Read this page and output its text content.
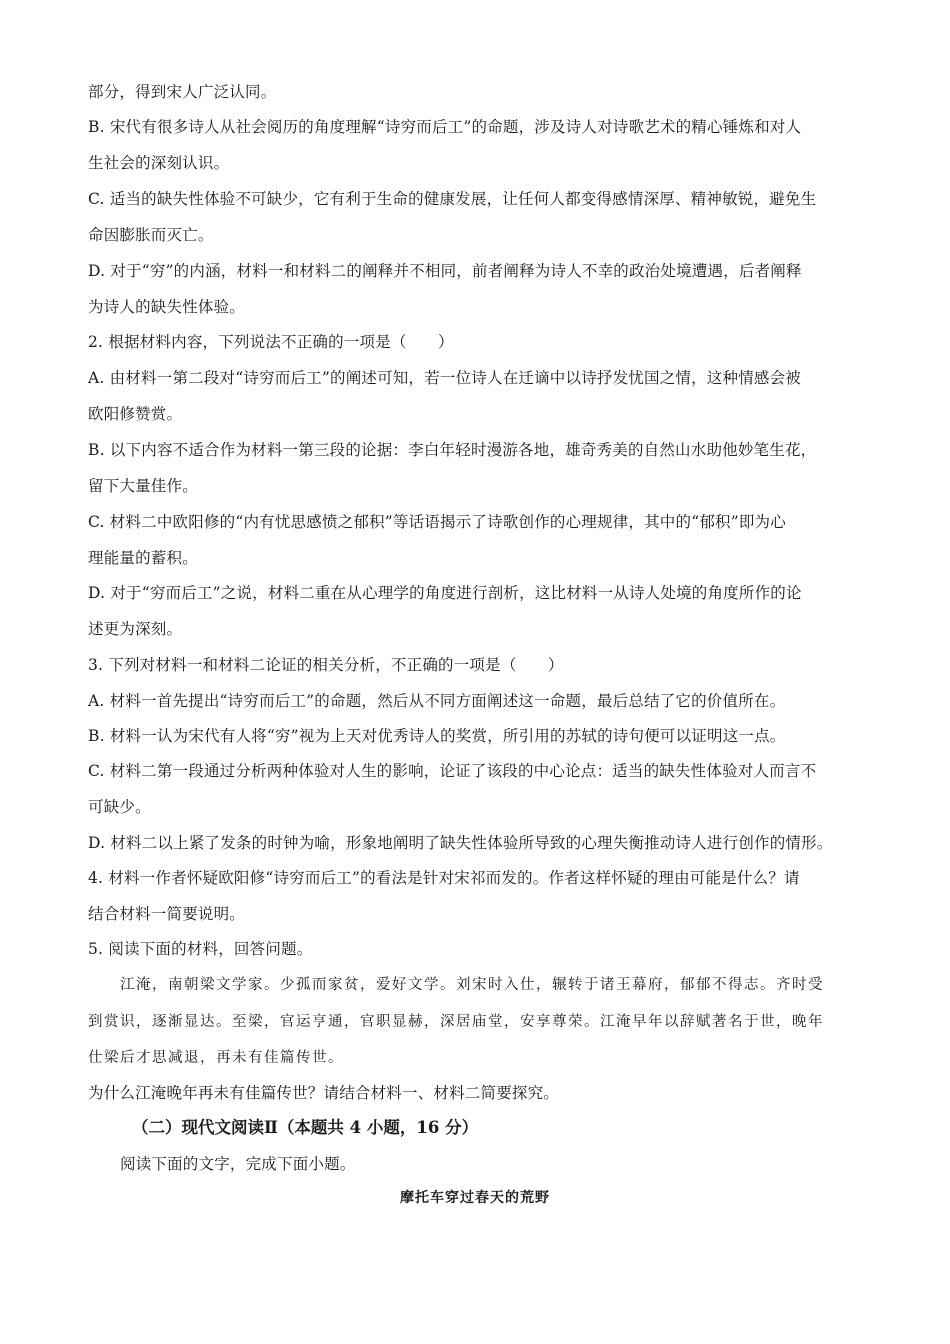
部分，得到宋人广泛认同。
B. 宋代有很多诗人从社会阅历的角度理解“诗穷而后工”的命题，涉及诗人对诗歌艺术的精心锤炼和对人
生社会的深刻认识。
C. 适当的缺失性体验不可缺少，它有利于生命的健康发展，让任何人都变得感情深厚、精神敏锐，避免生
命因膨胀而灭亡。
D. 对于“穷”的内涵，材料一和材料二的阐释并不相同，前者阐释为诗人不幸的政治处境遭遇，后者阐释
为诗人的缺失性体验。
2. 根据材料内容，下列说法不正确的一项是（　　）
A. 由材料一第二段对“诗穷而后工”的阐述可知，若一位诗人在迁谪中以诗抒发忧国之情，这种情感会被
欧阳修赞赏。
B. 以下内容不适合作为材料一第三段的论据：李白年轻时漫游各地，雄奇秀美的自然山水助他妙笔生花，
留下大量佳作。
C. 材料二中欧阳修的“内有忧思感愤之郁积”等话语揭示了诗歌创作的心理规律，其中的“郁积”即为心
理能量的蓄积。
D. 对于“穷而后工”之说，材料二重在从心理学的角度进行剖析，这比材料一从诗人处境的角度所作的论
述更为深刻。
3. 下列对材料一和材料二论证的相关分析，不正确的一项是（　　）
A. 材料一首先提出“诗穷而后工”的命题，然后从不同方面阐述这一命题，最后总结了它的价值所在。
B. 材料一认为宋代有人将“穷”视为上天对优秀诗人的奖赏，所引用的苏轼的诗句便可以证明这一点。
C. 材料二第一段通过分析两种体验对人生的影响，论证了该段的中心论点：适当的缺失性体验对人而言不
可缺少。
D. 材料二以上紧了发条的时钟为喻，形象地阐明了缺失性体验所导致的心理失衡推动诗人进行创作的情形。
4. 材料一作者怀疑欧阳修“诗穷而后工”的看法是针对宋祁而发的。作者这样怀疑的理由可能是什么？请
结合材料一简要说明。
5. 阅读下面的材料，回答问题。
江淹，南朝梁文学家。少孤而家贫，爱好文学。刘宋时入仕，辗转于诸王幕府，郁郁不得志。齐时受
到赏识，逐渐显达。至梁，官运亨通，官职显赫，深居庙堂，安享尊荣。江淹早年以辞赋著名于世，晚年
仕梁后才思减退，再未有佳篇传世。
为什么江淹晚年再未有佳篇传世？请结合材料一、材料二简要探究。
（二）现代文阅读Ⅱ（本题共 4 小题，16 分）
阅读下面的文字，完成下面小题。
摩托车穿过春天的荒野
